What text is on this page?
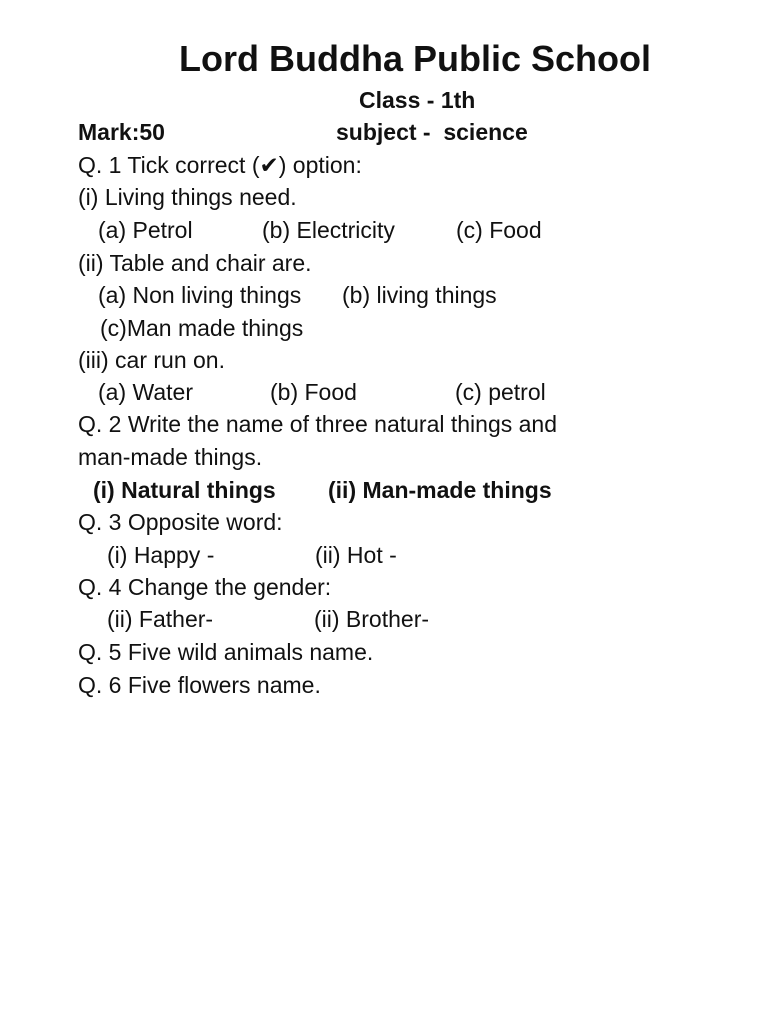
Lord Buddha Public School
Class - 1th
Mark:50	subject -  science
Q. 1 Tick correct (✔) option:
(i) Living things need.
(a) Petrol	(b) Electricity	(c) Food
(ii) Table and chair are.
(a) Non living things (b) living things
(c)Man made things
(iii) car run on.
(a) Water	(b) Food	(c) petrol
Q. 2 Write the name of three natural things and
man-made things.
(i) Natural things (ii) Man-made things
Q. 3 Opposite word:
(i) Happy -	(ii) Hot -
Q. 4 Change the gender:
(ii) Father-	(ii) Brother-
Q. 5 Five wild animals name.
Q. 6 Five flowers name.
